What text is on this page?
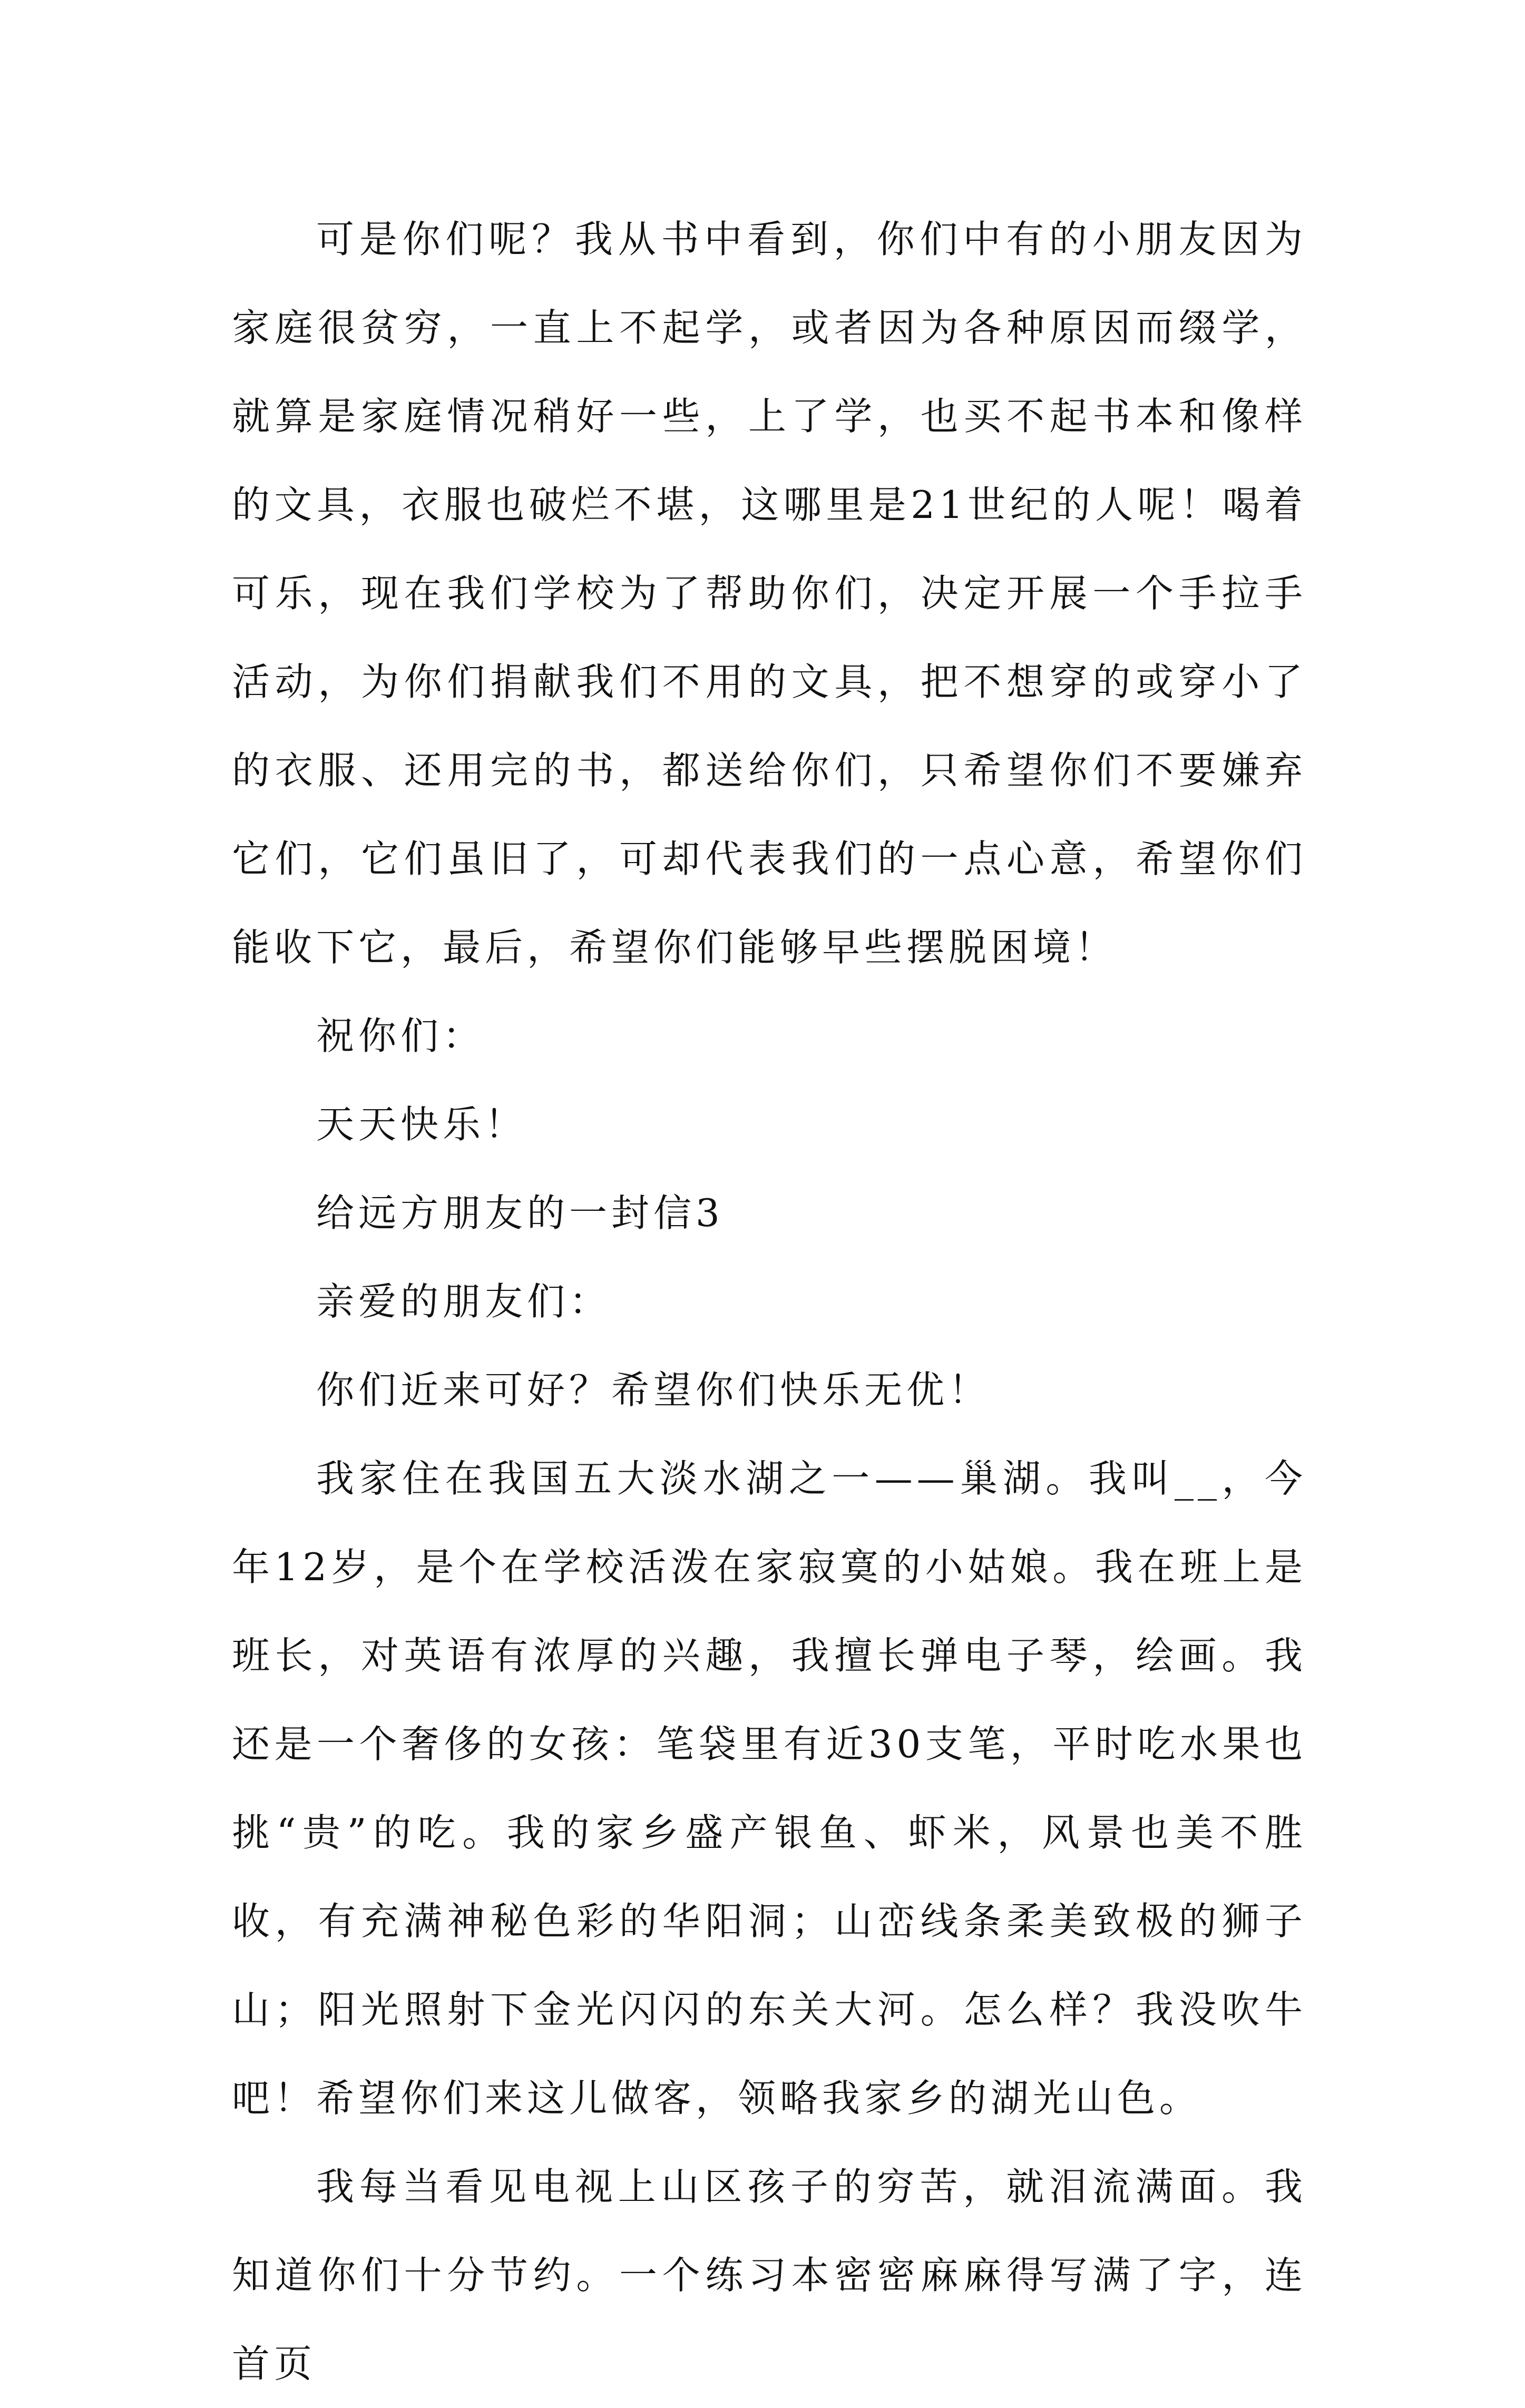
可是你们呢？我从书中看到，你们中有的小朋友因为家庭很贫穷，一直上不起学，或者因为各种原因而缀学，就算是家庭情况稍好一些，上了学，也买不起书本和像样的文具，衣服也破烂不堪，这哪里是21世纪的人呢！喝着可乐，现在我们学校为了帮助你们，决定开展一个手拉手活动，为你们捐献我们不用的文具，把不想穿的或穿小了的衣服、还用完的书，都送给你们，只希望你们不要嫌弃它们，它们虽旧了，可却代表我们的一点心意，希望你们能收下它，最后，希望你们能够早些摆脱困境！

祝你们：

天天快乐！

给远方朋友的一封信3

亲爱的朋友们：

你们近来可好？希望你们快乐无优！

我家住在我国五大淡水湖之一——巢湖。我叫__，今年12岁，是个在学校活泼在家寂寞的小姑娘。我在班上是班长，对英语有浓厚的兴趣，我擅长弹电子琴，绘画。我还是一个奢侈的女孩：笔袋里有近30支笔，平时吃水果也挑“贵”的吃。我的家乡盛产银鱼、虾米，风景也美不胜收，有充满神秘色彩的华阳洞；山峦线条柔美致极的狮子山；阳光照射下金光闪闪的东关大河。怎么样？我没吹牛吧！希望你们来这儿做客，领略我家乡的湖光山色。

我每当看见电视上山区孩子的穷苦，就泪流满面。我知道你们十分节约。一个练习本密密麻麻得写满了字，连首页
